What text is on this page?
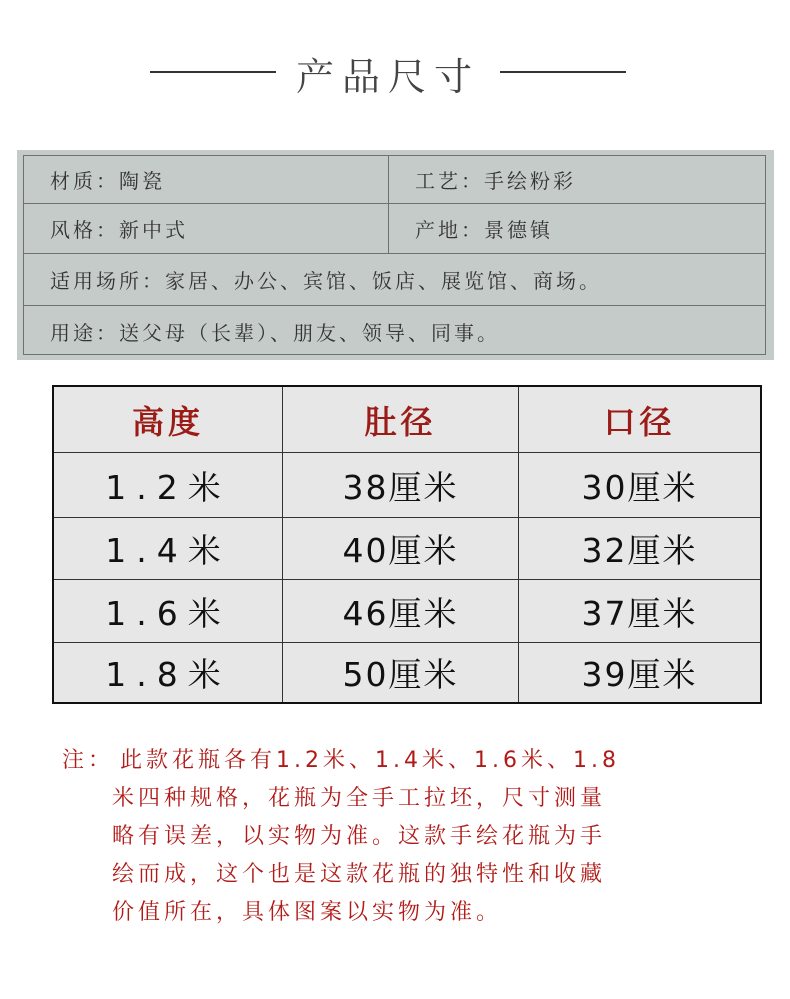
产品尺寸
材质：陶瓷	工艺：手绘粉彩
风格：新中式	产地：景德镇
适用场所：家居、办公、宾馆、饭店、展览馆、商场。
用途：送父母（长辈）、朋友、领导、同事。
高度	肚径	口径
1.2米	38厘米	30厘米
1.4米	40厘米	32厘米
1.6米	46厘米	37厘米
1.8米	50厘米	39厘米
注： 此款花瓶各有1.2米、1.4米、1.6米、1.8
米四种规格，花瓶为全手工拉坯，尺寸测量
略有误差，以实物为准。这款手绘花瓶为手
绘而成，这个也是这款花瓶的独特性和收藏
价值所在，具体图案以实物为准。
